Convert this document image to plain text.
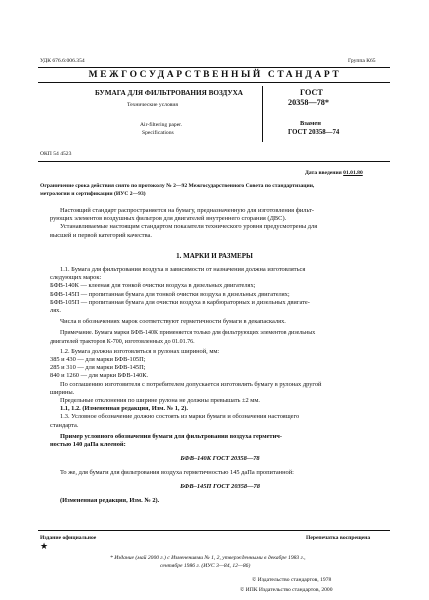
УДК 676.6:006.354	Группа К65
МЕЖГОСУДАРСТВЕННЫЙ СТАНДАРТ
БУМАГА ДЛЯ ФИЛЬТРОВАНИЯ ВОЗДУХА
Технические условия
Air-filtering paper.
Specifications
ГОСТ
20358—78*
Взамен
ГОСТ 20358—74
ОКП 54 4523
Дата введения 01.01.80
Ограничение срока действия снято по протоколу № 2—92 Межгосударственного Совета по стандартизации,
метрологии и сертификации (ИУС 2—93)
Настоящий стандарт распространяется на бумагу, предназначенную для изготовления фильт-
рующих элементов воздушных фильтров для двигателей внутреннего сгорания (ДВС).
Устанавливаемые настоящим стандартом показатели технического уровня предусмотрены для
высшей и первой категорий качества.
1. МАРКИ И РАЗМЕРЫ
1.1. Бумага для фильтрования воздуха в зависимости от назначения должна изготовляться
следующих марок:
БФВ-140К — клееная для тонкой очистки воздуха в дизельных двигателях;
БФВ-145П — пропитанная бумага для тонкой очистки воздуха в дизельных двигателях;
БФВ-105П — пропитанная бумага для очистки воздуха в карбюраторных и дизельных двигате-
лях.
Числа в обозначениях марок соответствуют герметичности бумаги в декапаскалях.
Примечание. Бумага марки БФВ-140К применяется только для фильтрующих элементов дизельных
двигателей тракторов К-700, изготовленных до 01.01.76.
1.2. Бумага должна изготовляться в рулонах шириной, мм:
385 и 430 — для марки БФВ-105П;
285 и 310 — для марки БФВ-145П;
840 и 1260 — для марки БФВ-140К.
По соглашению изготовителя с потребителем допускается изготовлять бумагу в рулонах другой
ширины.
Предельные отклонения по ширине рулона не должны превышать ±2 мм.
1.1, 1.2. (Измененная редакция, Изм. № 1, 2).
1.3. Условное обозначение должно состоять из марки бумаги и обозначения настоящего
стандарта.
Пример условного обозначения бумаги для фильтрования воздуха герметич-
ностью 140 даПа клееной:
БФВ–140К ГОСТ 20358—78
То же, для бумаги для фильтрования воздуха герметичностью 145 даПа пропитанной:
БФВ–145П ГОСТ 20358—78
(Измененная редакция, Изм. № 2).
Издание официальное	Перепечатка воспрещена
★
* Издание (май 2000 г.) с Изменениями № 1, 2, утвержденными в декабре 1983 г.,
сентябре 1986 г. (ИУС 3—84, 12—86)
© Издательство стандартов, 1978
© ИПК Издательство стандартов, 2000
